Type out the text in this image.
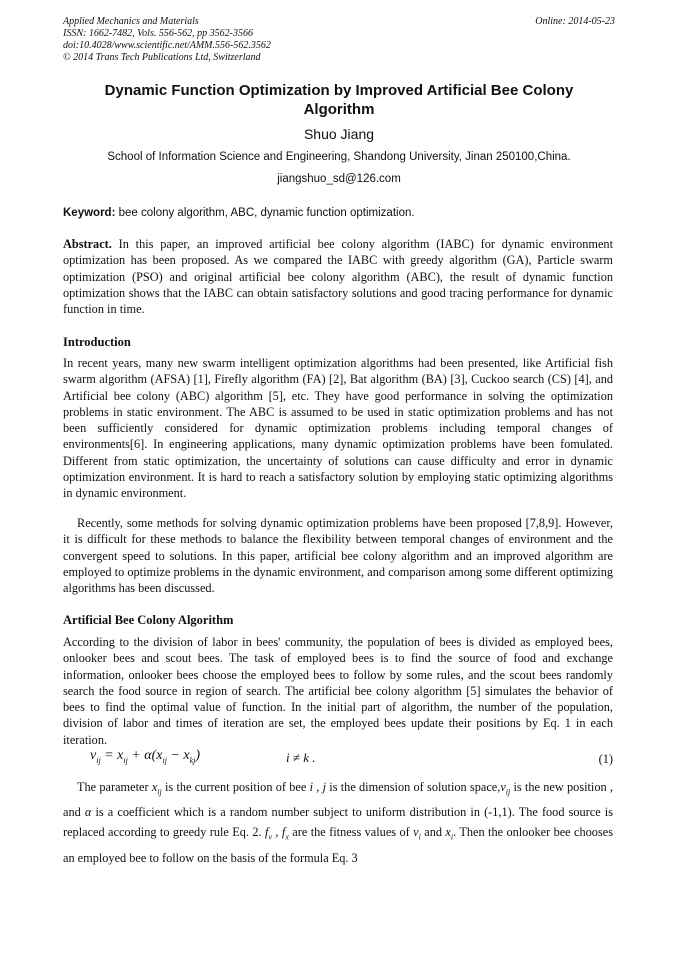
Applied Mechanics and Materials
ISSN: 1662-7482, Vols. 556-562, pp 3562-3566
doi:10.4028/www.scientific.net/AMM.556-562.3562
© 2014 Trans Tech Publications Ltd, Switzerland
Online: 2014-05-23
Dynamic Function Optimization by Improved Artificial Bee Colony Algorithm
Shuo Jiang
School of Information Science and Engineering, Shandong University, Jinan 250100,China.
jiangshuo_sd@126.com
Keyword: bee colony algorithm, ABC, dynamic function optimization.
Abstract. In this paper, an improved artificial bee colony algorithm (IABC) for dynamic environment optimization has been proposed. As we compared the IABC with greedy algorithm (GA), Particle swarm optimization (PSO) and original artificial bee colony algorithm (ABC), the result of dynamic function optimization shows that the IABC can obtain satisfactory solutions and good tracing performance for dynamic function in time.
Introduction
In recent years, many new swarm intelligent optimization algorithms had been presented, like Artificial fish swarm algorithm (AFSA) [1], Firefly algorithm (FA) [2], Bat algorithm (BA) [3], Cuckoo search (CS) [4], and Artificial bee colony (ABC) algorithm [5], etc. They have good performance in solving the optimization problems in static environment. The ABC is assumed to be used in static optimization problems and has not been sufficiently considered for dynamic optimization problems including temporal changes of environments[6]. In engineering applications, many dynamic optimization problems have been fomulated. Different from static optimization, the uncertainty of solutions can cause difficulty and error in dynamic optimization environment. It is hard to reach a satisfactory solution by employing static optimizing algorithms in dynamic environment.
Recently, some methods for solving dynamic optimization problems have been proposed [7,8,9]. However, it is difficult for these methods to balance the flexibility between temporal changes of environment and the convergent speed to solutions. In this paper, artificial bee colony algorithm and an improved algorithm are employed to optimize problems in the dynamic environment, and comparison among some different optimizing algorithms has been discussed.
Artificial Bee Colony Algorithm
According to the division of labor in bees' community, the population of bees is divided as employed bees, onlooker bees and scout bees. The task of employed bees is to find the source of food and exchange information, onlooker bees choose the employed bees to follow by some rules, and the scout bees randomly search the food source in region of search. The artificial bee colony algorithm [5] simulates the behavior of bees to find the optimal value of function. In the initial part of algorithm, the number of the population, division of labor and times of iteration are set, the employed bees update their positions by Eq. 1 in each iteration.
$v_{ij} = x_{ij} + \alpha(x_{ij} - x_{kj})$	i ≠ k .	(1)
The parameter $x_{ij}$ is the current position of bee i , j is the dimension of solution $space,v_{ij}$ is the new position , and α is a coefficient which is a random number subject to uniform distribution in (-1,1). The food source is replaced according to greedy rule Eq. 2. $f_v$ , $f_x$ are the fitness values of $v_i$ and $x_i$. Then the onlooker bee chooses an employed bee to follow on the basis of the formula Eq. 3
